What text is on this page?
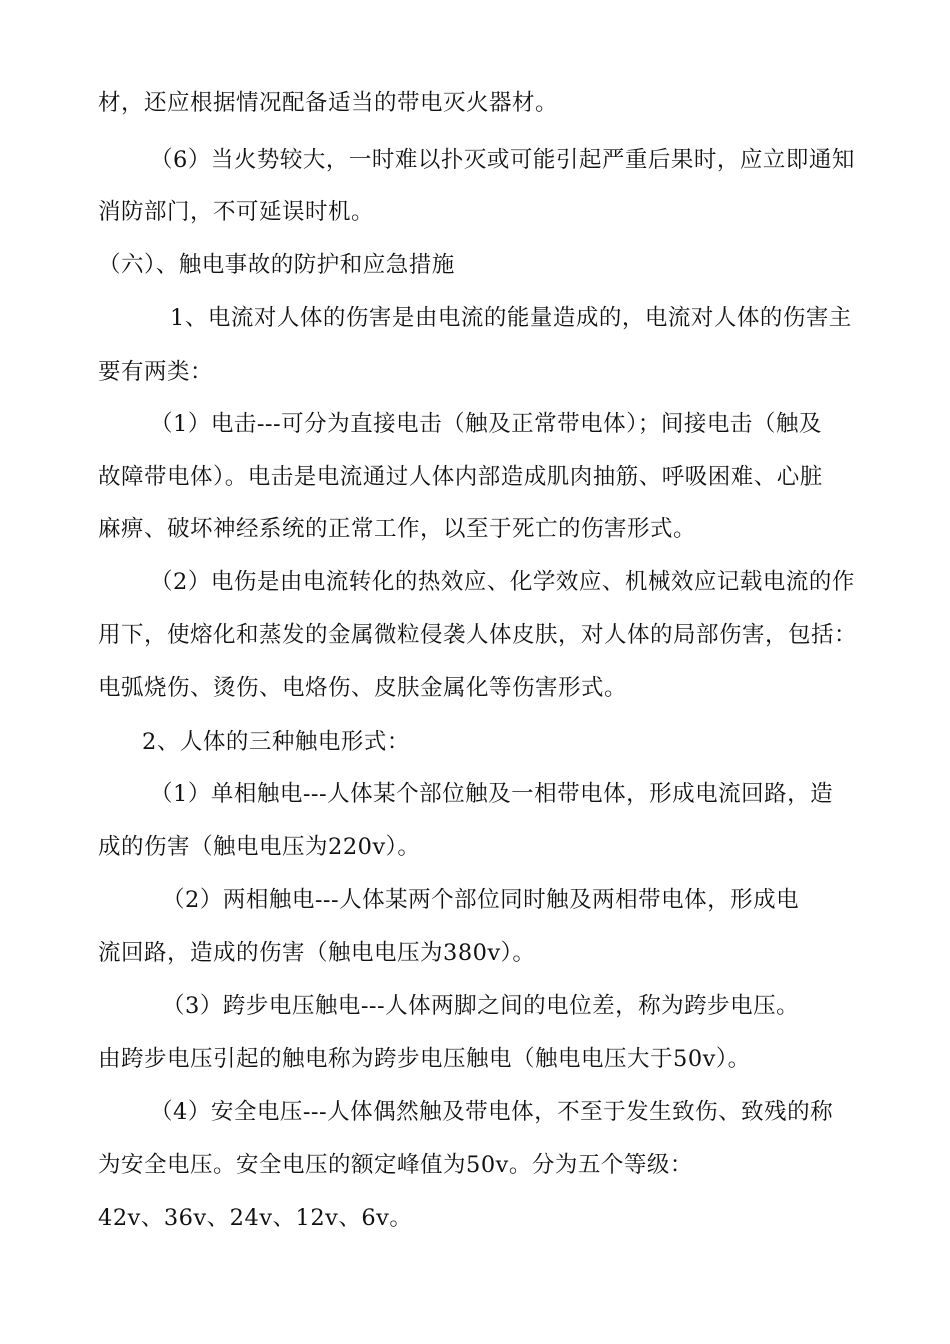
材，还应根据情况配备适当的带电灭火器材。
（6）当火势较大，一时难以扑灭或可能引起严重后果时，应立即通知
消防部门，不可延误时机。
（六）、触电事故的防护和应急措施
1、电流对人体的伤害是由电流的能量造成的，电流对人体的伤害主
要有两类：
（1）电击---可分为直接电击（触及正常带电体）；间接电击（触及
故障带电体）。电击是电流通过人体内部造成肌肉抽筋、呼吸困难、心脏
麻痹、破坏神经系统的正常工作，以至于死亡的伤害形式。
（2）电伤是由电流转化的热效应、化学效应、机械效应记载电流的作
用下，使熔化和蒸发的金属微粒侵袭人体皮肤，对人体的局部伤害，包括：
电弧烧伤、烫伤、电烙伤、皮肤金属化等伤害形式。
2、人体的三种触电形式：
（1）单相触电---人体某个部位触及一相带电体，形成电流回路，造
成的伤害（触电电压为220v）。
（2）两相触电---人体某两个部位同时触及两相带电体，形成电
流回路，造成的伤害（触电电压为380v）。
（3）跨步电压触电---人体两脚之间的电位差，称为跨步电压。
由跨步电压引起的触电称为跨步电压触电（触电电压大于50v）。
（4）安全电压---人体偶然触及带电体，不至于发生致伤、致残的称
为安全电压。安全电压的额定峰值为50v。分为五个等级：
42v、36v、24v、12v、6v。
